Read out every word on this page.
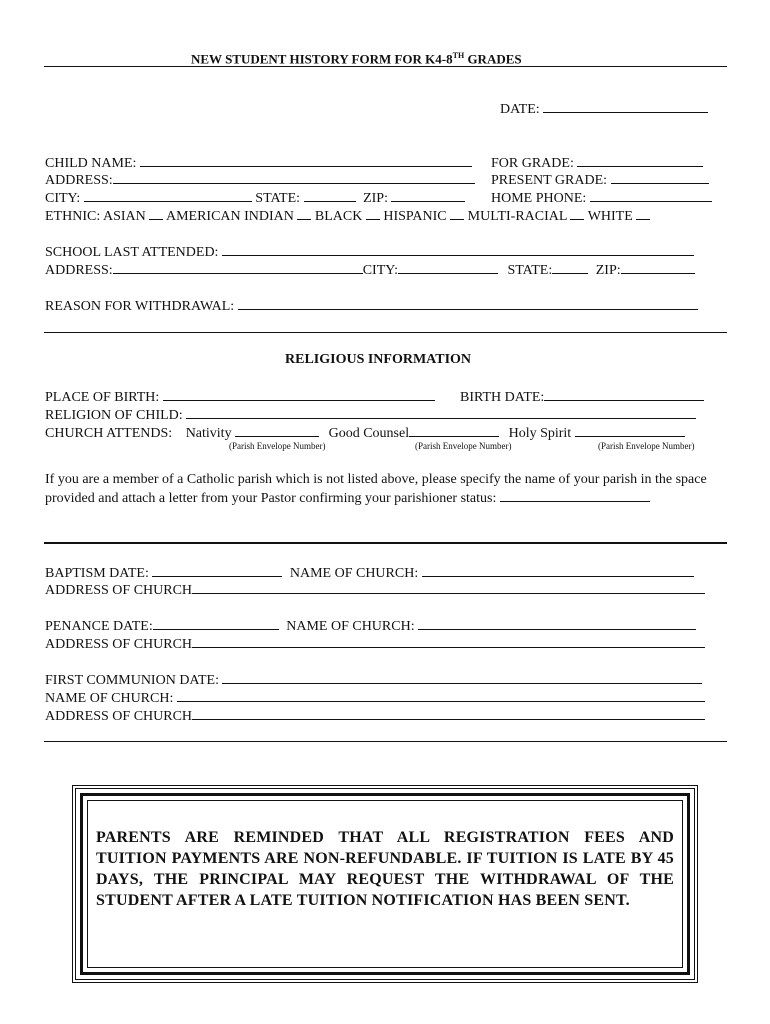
NEW STUDENT HISTORY FORM FOR K4-8TH GRADES
DATE:
CHILD NAME:	FOR GRADE:
ADDRESS:	PRESENT GRADE:
CITY:	STATE:	ZIP:	HOME PHONE:
ETHNIC: ASIAN AMERICAN INDIAN BLACK HISPANIC MULTI-RACIAL WHITE
SCHOOL LAST ATTENDED:
ADDRESS:	CITY:	STATE:	ZIP:
REASON FOR WITHDRAWAL:
RELIGIOUS INFORMATION
PLACE OF BIRTH:	BIRTH DATE:
RELIGION OF CHILD:
CHURCH ATTENDS: Nativity	Good Counsel	Holy Spirit
(Parish Envelope Number)	(Parish Envelope Number)	(Parish Envelope Number)
If you are a member of a Catholic parish which is not listed above, please specify the name of your parish in the space provided and attach a letter from your Pastor confirming your parishioner status:
BAPTISM DATE:	NAME OF CHURCH:
ADDRESS OF CHURCH
PENANCE DATE:	NAME OF CHURCH:
ADDRESS OF CHURCH
FIRST COMMUNION DATE:
NAME OF CHURCH:
ADDRESS OF CHURCH
PARENTS ARE REMINDED THAT ALL REGISTRATION FEES AND TUITION PAYMENTS ARE NON-REFUNDABLE. IF TUITION IS LATE BY 45 DAYS, THE PRINCIPAL MAY REQUEST THE WITHDRAWAL OF THE STUDENT AFTER A LATE TUITION NOTIFICATION HAS BEEN SENT.
